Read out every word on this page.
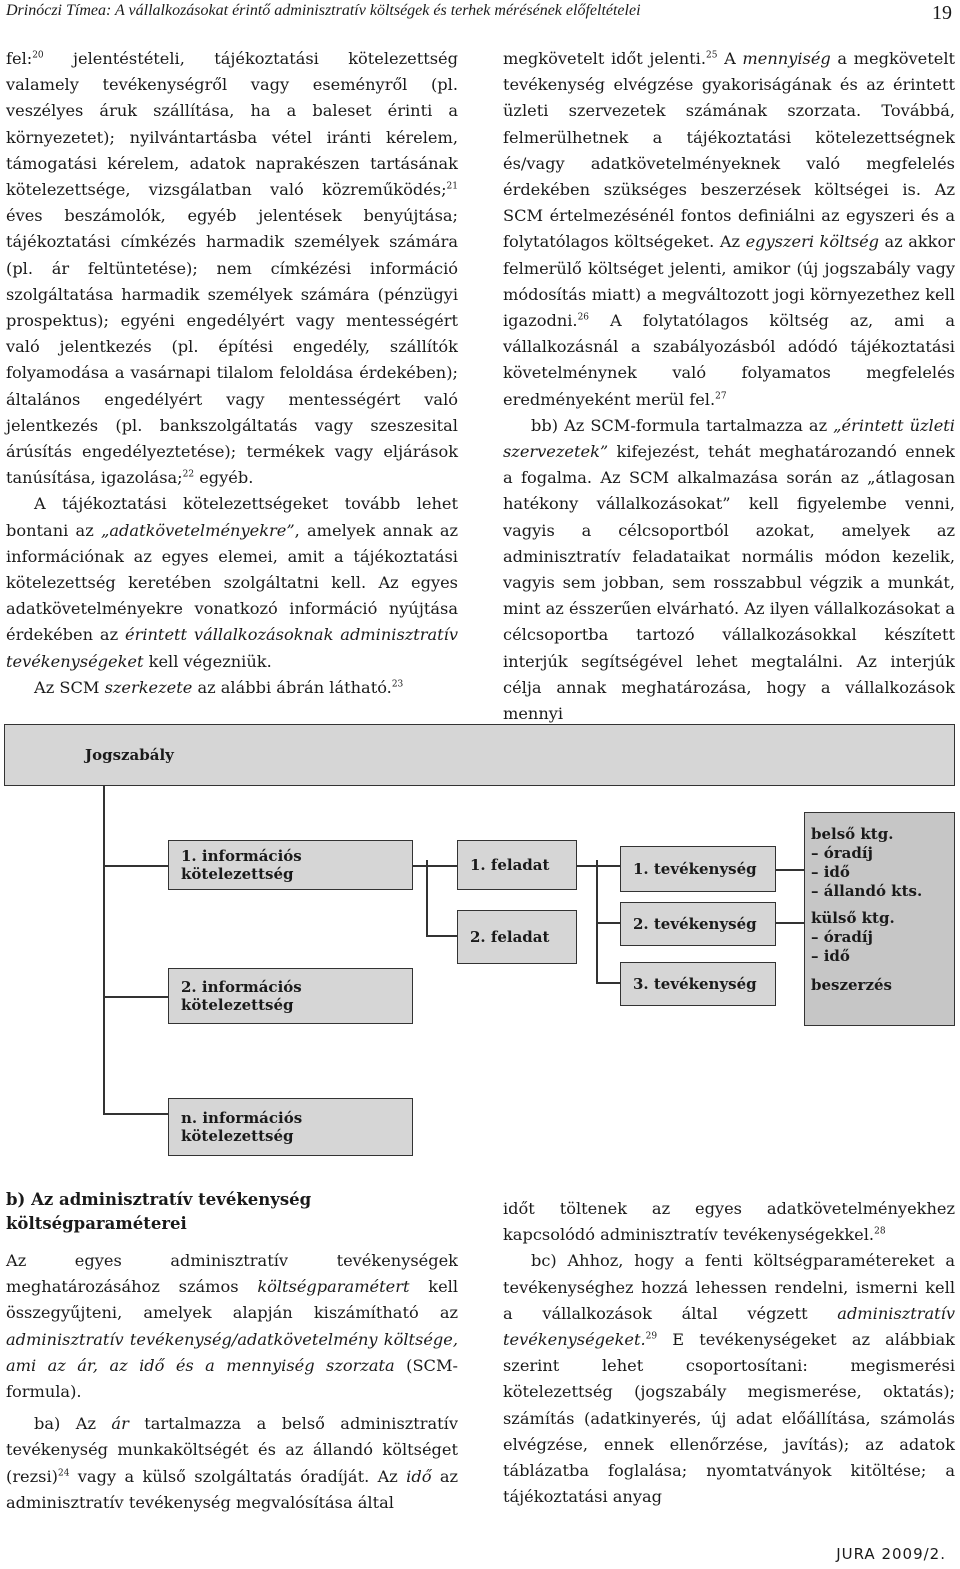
Drinóczi Tímea: A vállalkozásokat érintő adminisztratív költségek és terhek mérésének előfeltételei	19

fel:$^{20}$ jelentéstételi, tájékoztatási kötelezettség valamely tevékenységről vagy eseményről (pl. veszélyes áruk szállítása, ha a baleset érinti a környezetet); nyilvántartásba vétel iránti kérelem, támogatási kérelem, adatok naprakészen tartásának kötelezettsége, vizsgálatban való közreműködés;$^{21}$ éves beszámolók, egyéb jelentések benyújtása; tájékoztatási címkézés harmadik személyek számára (pl. ár feltüntetése); nem címkézési információ szolgáltatása harmadik személyek számára (pénzügyi prospektus); egyéni engedélyért vagy mentességért való jelentkezés (pl. építési engedély, szállítók folyamodása a vasárnapi tilalom feloldása érdekében); általános engedélyért vagy mentességért való jelentkezés (pl. bankszolgáltatás vagy szeszesital árúsítás engedélyeztetése); termékek vagy eljárások tanúsítása, igazolása;$^{22}$ egyéb.

A tájékoztatási kötelezettségeket tovább lehet bontani az „adatkövetelményekre”, amelyek annak az információnak az egyes elemei, amit a tájékoztatási kötelezettség keretében szolgáltatni kell. Az egyes adatkövetelményekre vonatkozó információ nyújtása érdekében az érintett vállalkozásoknak adminisztratív tevékenységeket kell végezniük.

Az SCM szerkezete az alábbi ábrán látható.$^{23}$

megkövetelt időt jelenti.$^{25}$ A mennyiség a megkövetelt tevékenység elvégzése gyakoriságának és az érintett üzleti szervezetek számának szorzata. Továbbá, felmerülhetnek a tájékoztatási kötelezettségnek és/vagy adatkövetelményeknek való megfelelés érdekében szükséges beszerzések költségei is. Az SCM értelmezésénél fontos definiálni az egyszeri és a folytatólagos költségeket. Az egyszeri költség az akkor felmerülő költséget jelenti, amikor (új jogszabály vagy módosítás miatt) a megváltozott jogi környezethez kell igazodni.$^{26}$ A folytatólagos költség az, ami a vállalkozásnál a szabályozásból adódó tájékoztatási követelménynek való folyamatos megfelelés eredményeként merül fel.$^{27}$

bb) Az SCM-formula tartalmazza az „érintett üzleti szervezetek” kifejezést, tehát meghatározandó ennek a fogalma. Az SCM alkalmazása során az „átlagosan hatékony vállalkozásokat” kell figyelembe venni, vagyis a célcsoportból azokat, amelyek az adminisztratív feladataikat normális módon kezelik, vagyis sem jobban, sem rosszabbul végzik a munkát, mint az ésszerűen elvárható. Az ilyen vállalkozásokat a célcsoportba tartozó vállalkozásokkal készített interjúk segítségével lehet megtalálni. Az interjúk célja annak meghatározása, hogy a vállalkozások mennyi

Jogszabály
1. információs kötelezettség
2. információs kötelezettség
n. információs kötelezettség
1. feladat
2. feladat
1. tevékenység
2. tevékenység
3. tevékenység
belső ktg.
– óradíj
– idő
– állandó kts.
külső ktg.
– óradíj
– idő
beszerzés
b) Az adminisztratív tevékenység költségparaméterei

Az egyes adminisztratív tevékenységek meghatározásához számos költségparamétert kell összegyűjteni, amelyek alapján kiszámítható az adminisztratív tevékenység/adatkövetelmény költsége, ami az ár, az idő és a mennyiség szorzata (SCM-formula).

ba) Az ár tartalmazza a belső adminisztratív tevékenység munkaköltségét és az állandó költséget (rezsi)$^{24}$ vagy a külső szolgáltatás óradíját. Az idő az adminisztratív tevékenység megvalósítása által

időt töltenek az egyes adatkövetelményekhez kapcsolódó adminisztratív tevékenységekkel.$^{28}$

bc) Ahhoz, hogy a fenti költségparamétereket a tevékenységhez hozzá lehessen rendelni, ismerni kell a vállalkozások által végzett adminisztratív tevékenységeket.$^{29}$ E tevékenységeket az alábbiak szerint lehet csoportosítani: megismerési kötelezettség (jogszabály megismerése, oktatás); számítás (adatkinyerés, új adat előállítása, számolás elvégzése, ennek ellenőrzése, javítás); az adatok táblázatba foglalása; nyomtatványok kitöltése; a tájékoztatási anyag

JURA 2009/2.
